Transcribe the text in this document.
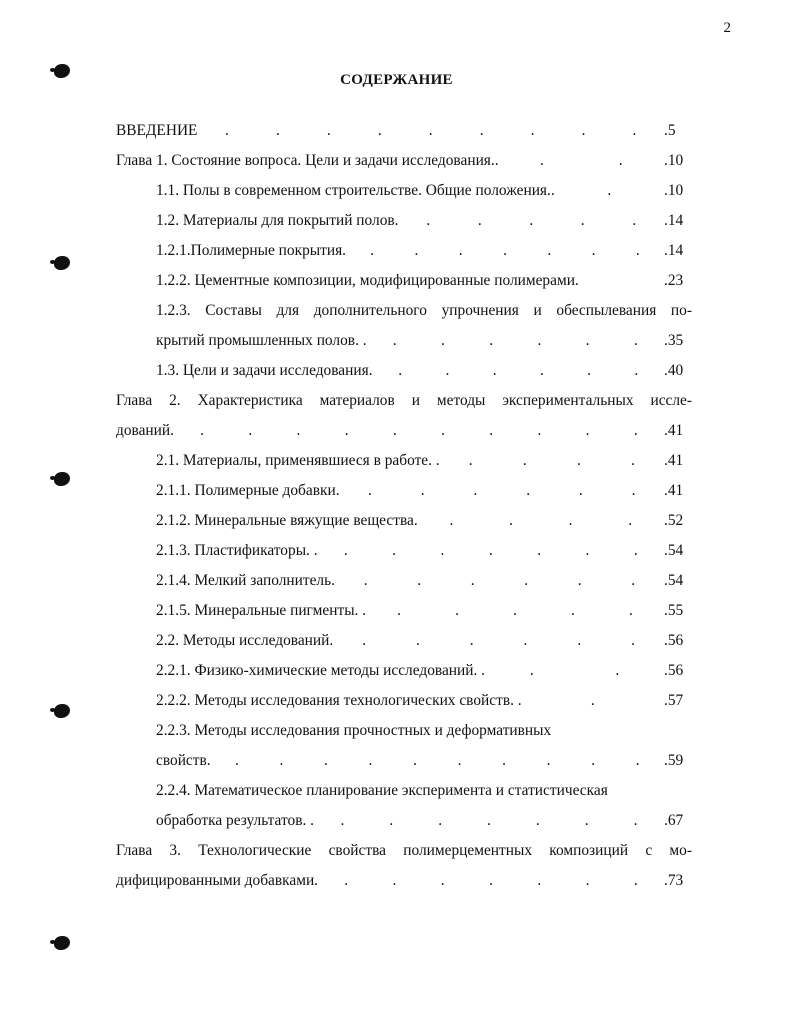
2
СОДЕРЖАНИЕ
ВВЕДЕНИЕ .	.	.	.	.	.	.	.	. .5
Глава 1. Состояние вопроса. Цели и задачи исследования..	.	.	.10
1.1. Полы в современном строительстве. Общие положения..	.	.10
1.2. Материалы для покрытий полов. .	.	.	.	. .14
1.2.1.Полимерные покрытия. .	.	.	.	.	.	. .14
1.2.2. Цементные композиции, модифицированные полимерами.	.23
1.2.3. Составы для дополнительного упрочнения и обеспылевания по-
крытий промышленных полов. . .	.	.	.	.	. .35
1.3. Цели и задачи исследования. .	.	.	.	.	. .40
Глава 2. Характеристика материалов и методы экспериментальных иссле-
дований. .	.	.	.	.	.	.	.	.	. .41
2.1. Материалы, применявшиеся в работе. . .	.	.	. .41
2.1.1. Полимерные добавки. .	.	.	.	.	. .41
2.1.2. Минеральные вяжущие вещества. .	.	.	. .52
2.1.3. Пластификаторы. . .	.	.	.	.	.	. .54
2.1.4. Мелкий заполнитель. .	.	.	.	.	. .54
2.1.5. Минеральные пигменты. . .	.	.	.	. .55
2.2. Методы исследований. .	.	.	.	.	. .56
2.2.1. Физико-химические методы исследований. .	.	.	.56
2.2.2. Методы исследования технологических свойств. .	.	.57
2.2.3. Методы исследования прочностных и деформативных
свойств. .	.	.	.	.	.	.	.	.	. .59
2.2.4. Математическое планирование эксперимента и статистическая
обработка результатов. . .	.	.	.	.	.	. .67
Глава 3. Технологические свойства полимерцементных композиций с мо-
дифицированными добавками. .	.	.	.	.	.	. .73
